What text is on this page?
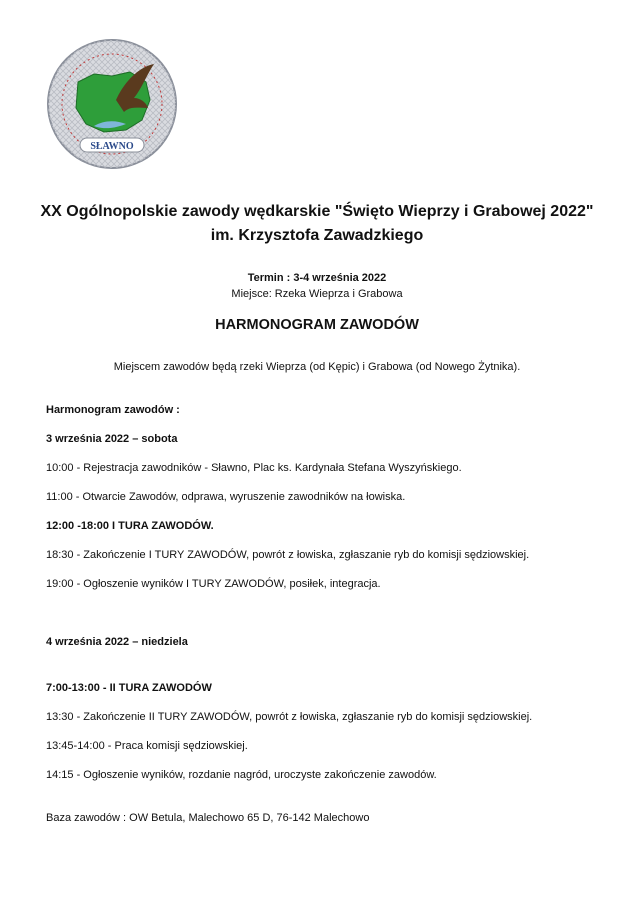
SŁAWNO
XX Ogólnopolskie zawody wędkarskie "Święto Wieprzy i Grabowej 2022"
im. Krzysztofa Zawadzkiego
Termin : 3-4 września 2022
Miejsce: Rzeka Wieprza i Grabowa
HARMONOGRAM ZAWODÓW
Miejscem zawodów będą rzeki Wieprza (od Kępic) i Grabowa (od Nowego Żytnika).
Harmonogram zawodów :
3 września 2022 – sobota
10:00 - Rejestracja zawodników - Sławno, Plac ks. Kardynała Stefana Wyszyńskiego.
11:00 - Otwarcie Zawodów, odprawa, wyruszenie zawodników na łowiska.
12:00 -18:00 I TURA ZAWODÓW.
18:30 - Zakończenie I TURY ZAWODÓW, powrót z łowiska, zgłaszanie ryb do komisji sędziowskiej.
19:00 - Ogłoszenie wyników I TURY ZAWODÓW, posiłek, integracja.
4 września 2022 – niedziela
7:00-13:00 - II TURA ZAWODÓW
13:30 - Zakończenie II TURY ZAWODÓW, powrót z łowiska, zgłaszanie ryb do komisji sędziowskiej.
13:45-14:00 - Praca komisji sędziowskiej.
14:15 - Ogłoszenie wyników, rozdanie nagród, uroczyste zakończenie zawodów.
Baza zawodów : OW Betula, Malechowo 65 D, 76-142 Malechowo
